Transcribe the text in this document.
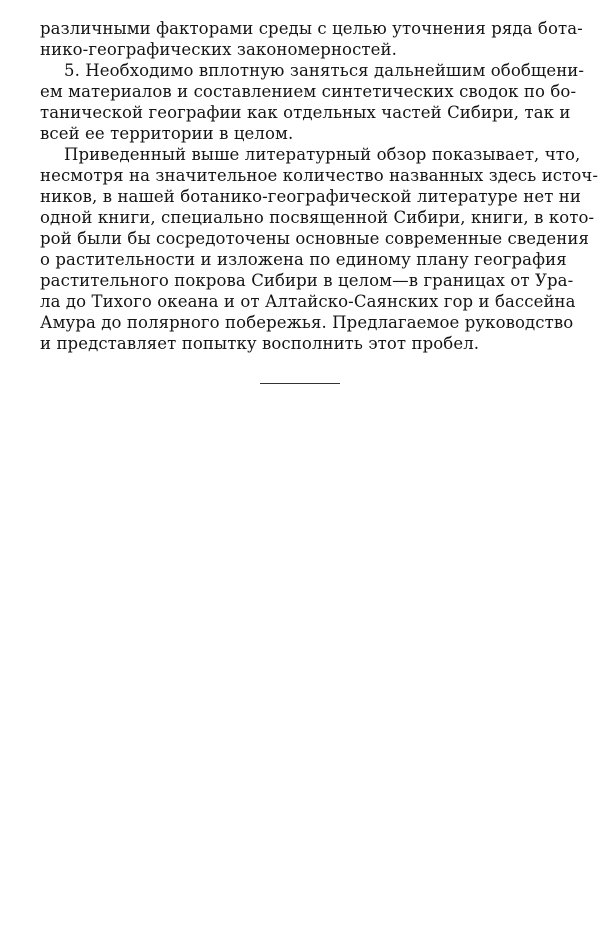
различными факторами среды с целью уточнения ряда бота-
нико-географических закономерностей.
5. Необходимо вплотную заняться дальнейшим обобщени-
ем материалов и составлением синтетических сводок по бо-
танической географии как отдельных частей Сибири, так и
всей ее территории в целом.
Приведенный выше литературный обзор показывает, что,
несмотря на значительное количество названных здесь источ-
ников, в нашей ботанико-географической литературе нет ни
одной книги, специально посвященной Сибири, книги, в кото-
рой были бы сосредоточены основные современные сведения
о растительности и изложена по единому плану география
растительного покрова Сибири в целом—в границах от Ура-
ла до Тихого океана и от Алтайско-Саянских гор и бассейна
Амура до полярного побережья. Предлагаемое руководство
и представляет попытку восполнить этот пробел.
